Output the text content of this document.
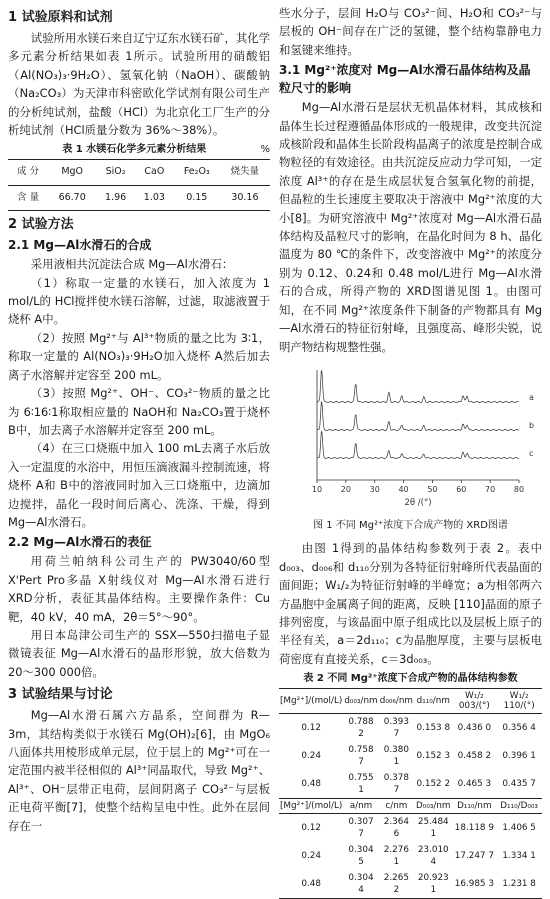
1 试验原料和试剂

试验所用水镁石来自辽宁辽东水镁石矿，其化学多元素分析结果如表 1所示。试验所用的硝酸铝（Al(NO₃)₃·9H₂O）、氢氧化钠（NaOH）、碳酸钠（Na₂CO₃）为天津市科密欧化学试剂有限公司生产的分析纯试剂，盐酸（HCl）为北京化工厂生产的分析纯试剂（HCl质量分数为 36%～38%）。

表 1 水镁石化学多元素分析结果	%
成 分	MgO	SiO₂	CaO	Fe₂O₃	烧失量
含 量	66.70	1.96	1.03	0.15	30.16
2 试验方法
2.1 Mg—Al水滑石的合成

采用液相共沉淀法合成 Mg—Al水滑石：

（1）称取一定量的水镁石，加入浓度为 1 mol/L的 HCl搅拌使水镁石溶解，过滤，取滤液置于烧杯 A中。

（2）按照 Mg²⁺与 Al³⁺物质的量之比为 3∶1，称取一定量的 Al(NO₃)₃·9H₂O加入烧杯 A然后加去离子水溶解并定容至 200 mL。

（3）按照 Mg²⁺、OH⁻、CO₃²⁻物质的量之比为 6∶16∶1称取相应量的 NaOH和 Na₂CO₃置于烧杯 B中，加去离子水溶解并定容至 200 mL。

（4）在三口烧瓶中加入 100 mL去离子水后放入一定温度的水浴中，用恒压滴液漏斗控制流速，将烧杯 A和 B中的溶液同时加入三口烧瓶中，边滴加边搅拌，晶化一段时间后离心、洗涤、干燥，得到 Mg—Al水滑石。

2.2 Mg—Al水滑石的表征

用荷兰帕纳科公司生产的 PW3040/60型 X'Pert Pro多晶 X射线仪对 Mg—Al水滑石进行 XRD分析，表征其晶体结构。主要操作条件：Cu靶，40 kV，40 mA，2θ＝5°～90°。

用日本岛津公司生产的 SSX—550扫描电子显微镜表征 Mg—Al水滑石的晶形形貌，放大倍数为20～300 000倍。

3 试验结果与讨论

Mg—Al水滑石属六方晶系，空间群为 R—3m，其结构类似于水镁石 Mg(OH)₂[6]，由 MgO₆八面体共用棱形成单元层，位于层上的 Mg²⁺可在一定范围内被半径相似的 Al³⁺同晶取代，导致 Mg²⁺、Al³⁺、OH⁻层带正电荷，层间阴离子 CO₃²⁻与层板正电荷平衡[7]，使整个结构呈电中性。此外在层间存在一

些水分子，层间 H₂O与 CO₃²⁻间、H₂O和 CO₃²⁻与层板的 OH⁻间存在广泛的氢键，整个结构靠静电力和氢键来维持。

3.1 Mg²⁺浓度对 Mg—Al水滑石晶体结构及晶粒尺寸的影响

Mg—Al水滑石是层状无机晶体材料，其成核和晶体生长过程遵循晶体形成的一般规律，改变共沉淀成核阶段和晶体生长阶段构晶离子的浓度是控制合成物粒径的有效途径。由共沉淀反应动力学可知，一定浓度 Al³⁺的存在是生成层状复合氢氧化物的前提，但晶粒的生长速度主要取决于溶液中 Mg²⁺浓度的大小[8]。为研究溶液中 Mg²⁺浓度对 Mg—Al水滑石晶体结构及晶粒尺寸的影响，在晶化时间为 8 h、晶化温度为 80 ℃的条件下，改变溶液中 Mg²⁺的浓度分别为 0.12、0.24和 0.48 mol/L进行 Mg—Al水滑石的合成，所得产物的 XRD图谱见图 1。由图可知，在不同 Mg²⁺浓度条件下制备的产物都具有 Mg—Al水滑石的特征衍射峰，且强度高、峰形尖锐，说明产物结构规整性强。

a
b
c
10 20 30 40 50 60 70 80
2θ /(°)
图 1 不同 Mg²⁺浓度下合成产物的 XRD图谱

由图 1得到的晶体结构参数列于表 2。表中 d₀₀₃、d₀₀₆和 d₁₁₀分别为各特征衍射峰所代表晶面的面间距；W₁/₂为特征衍射峰的半峰宽；a为相邻两六方晶胞中金属离子间的距离，反映 [110]晶面的原子排列密度，与该晶面中原子组成比以及层板上原子的半径有关，a＝2d₁₁₀；c为晶胞厚度，主要与层板电荷密度有直接关系，c＝3d₀₀₃。

表 2 不同 Mg²⁺浓度下合成产物的晶体结构参数
[Mg²⁺]/(mol/L)	d₀₀₃/nm	d₀₀₆/nm	d₁₁₀/nm	W₁/₂ 003/(°)	W₁/₂ 110/(°)
0.12	0.788 2	0.393 7	0.153 8	0.436 0	0.356 4
0.24	0.758 7	0.380 1	0.152 3	0.458 2	0.396 1
0.48	0.755 1	0.378 7	0.152 2	0.465 3	0.435 7
[Mg²⁺]/(mol/L)	a/nm	c/nm	D₀₀₃/nm	D₁₁₀/nm	D₁₁₀/D₀₀₃
0.12	0.307 7	2.364 6	25.484 1	18.118 9	1.406 5
0.24	0.304 5	2.276 1	23.010 4	17.247 7	1.334 1
0.48	0.304 4	2.265 2	20.923 1	16.985 3	1.231 8
